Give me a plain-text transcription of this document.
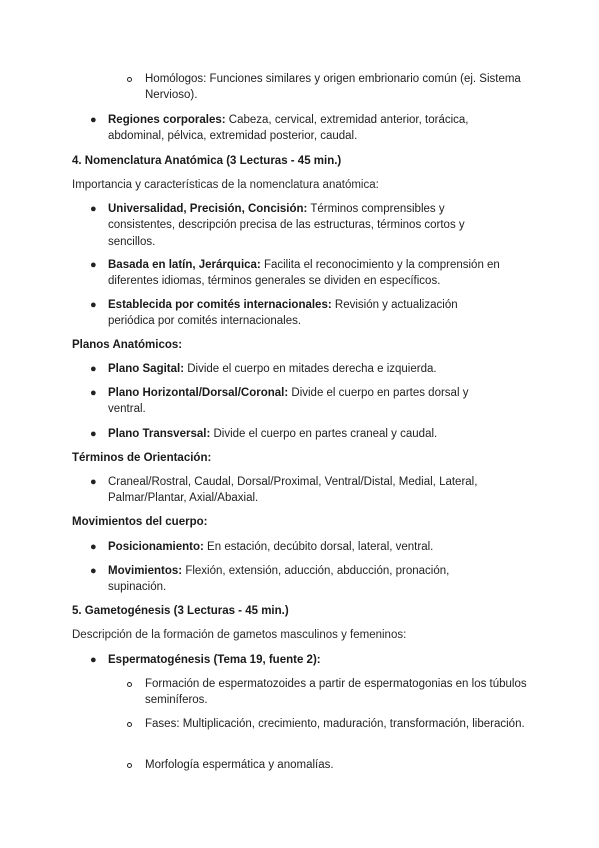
Homólogos: Funciones similares y origen embrionario común (ej. Sistema Nervioso).
● Regiones corporales: Cabeza, cervical, extremidad anterior, torácica, abdominal, pélvica, extremidad posterior, caudal.
4. Nomenclatura Anatómica (3 Lecturas - 45 min.)
Importancia y características de la nomenclatura anatómica:
● Universalidad, Precisión, Concisión: Términos comprensibles y consistentes, descripción precisa de las estructuras, términos cortos y sencillos.
● Basada en latín, Jerárquica: Facilita el reconocimiento y la comprensión en diferentes idiomas, términos generales se dividen en específicos.
● Establecida por comités internacionales: Revisión y actualización periódica por comités internacionales.
Planos Anatómicos:
● Plano Sagital: Divide el cuerpo en mitades derecha e izquierda.
● Plano Horizontal/Dorsal/Coronal: Divide el cuerpo en partes dorsal y ventral.
● Plano Transversal: Divide el cuerpo en partes craneal y caudal.
Términos de Orientación:
● Craneal/Rostral, Caudal, Dorsal/Proximal, Ventral/Distal, Medial, Lateral, Palmar/Plantar, Axial/Abaxial.
Movimientos del cuerpo:
● Posicionamiento: En estación, decúbito dorsal, lateral, ventral.
● Movimientos: Flexión, extensión, aducción, abducción, pronación, supinación.
5. Gametogénesis (3 Lecturas - 45 min.)
Descripción de la formación de gametos masculinos y femeninos:
● Espermatogénesis (Tema 19, fuente 2):
Formación de espermatozoides a partir de espermatogonias en los túbulos seminíferos.
Fases: Multiplicación, crecimiento, maduración, transformación, liberación.
Morfología espermática y anomalías.
